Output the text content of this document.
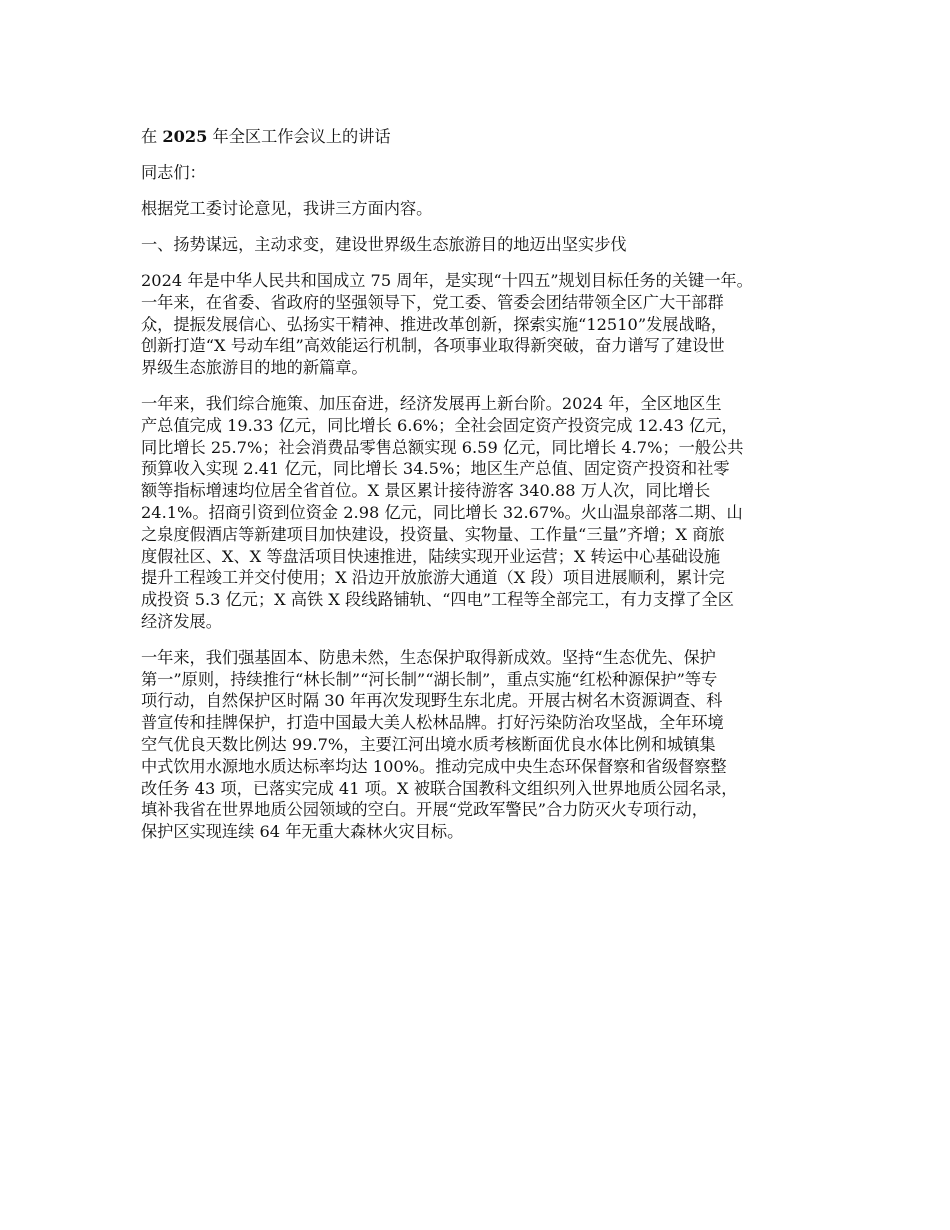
在 2025 年全区工作会议上的讲话
同志们：
根据党工委讨论意见，我讲三方面内容。
一、扬势谋远，主动求变，建设世界级生态旅游目的地迈出坚实步伐
2024 年是中华人民共和国成立 75 周年，是实现“十四五”规划目标任务的关键一年。
一年来，在省委、省政府的坚强领导下，党工委、管委会团结带领全区广大干部群
众，提振发展信心、弘扬实干精神、推进改革创新，探索实施“12510”发展战略，
创新打造“X 号动车组”高效能运行机制，各项事业取得新突破，奋力谱写了建设世
界级生态旅游目的地的新篇章。
一年来，我们综合施策、加压奋进，经济发展再上新台阶。2024 年，全区地区生
产总值完成 19.33 亿元，同比增长 6.6%；全社会固定资产投资完成 12.43 亿元，
同比增长 25.7%；社会消费品零售总额实现 6.59 亿元，同比增长 4.7%；一般公共
预算收入实现 2.41 亿元，同比增长 34.5%；地区生产总值、固定资产投资和社零
额等指标增速均位居全省首位。X 景区累计接待游客 340.88 万人次，同比增长
24.1%。招商引资到位资金 2.98 亿元，同比增长 32.67%。火山温泉部落二期、山
之泉度假酒店等新建项目加快建设，投资量、实物量、工作量“三量”齐增；X 商旅
度假社区、X、X 等盘活项目快速推进，陆续实现开业运营；X 转运中心基础设施
提升工程竣工并交付使用；X 沿边开放旅游大通道（X 段）项目进展顺利，累计完
成投资 5.3 亿元；X 高铁 X 段线路铺轨、“四电”工程等全部完工，有力支撑了全区
经济发展。
一年来，我们强基固本、防患未然，生态保护取得新成效。坚持“生态优先、保护
第一”原则，持续推行“林长制”“河长制”“湖长制”，重点实施“红松种源保护”等专
项行动，自然保护区时隔 30 年再次发现野生东北虎。开展古树名木资源调查、科
普宣传和挂牌保护，打造中国最大美人松林品牌。打好污染防治攻坚战，全年环境
空气优良天数比例达 99.7%，主要江河出境水质考核断面优良水体比例和城镇集
中式饮用水源地水质达标率均达 100%。推动完成中央生态环保督察和省级督察整
改任务 43 项，已落实完成 41 项。X 被联合国教科文组织列入世界地质公园名录，
填补我省在世界地质公园领域的空白。开展“党政军警民”合力防灭火专项行动，
保护区实现连续 64 年无重大森林火灾目标。
